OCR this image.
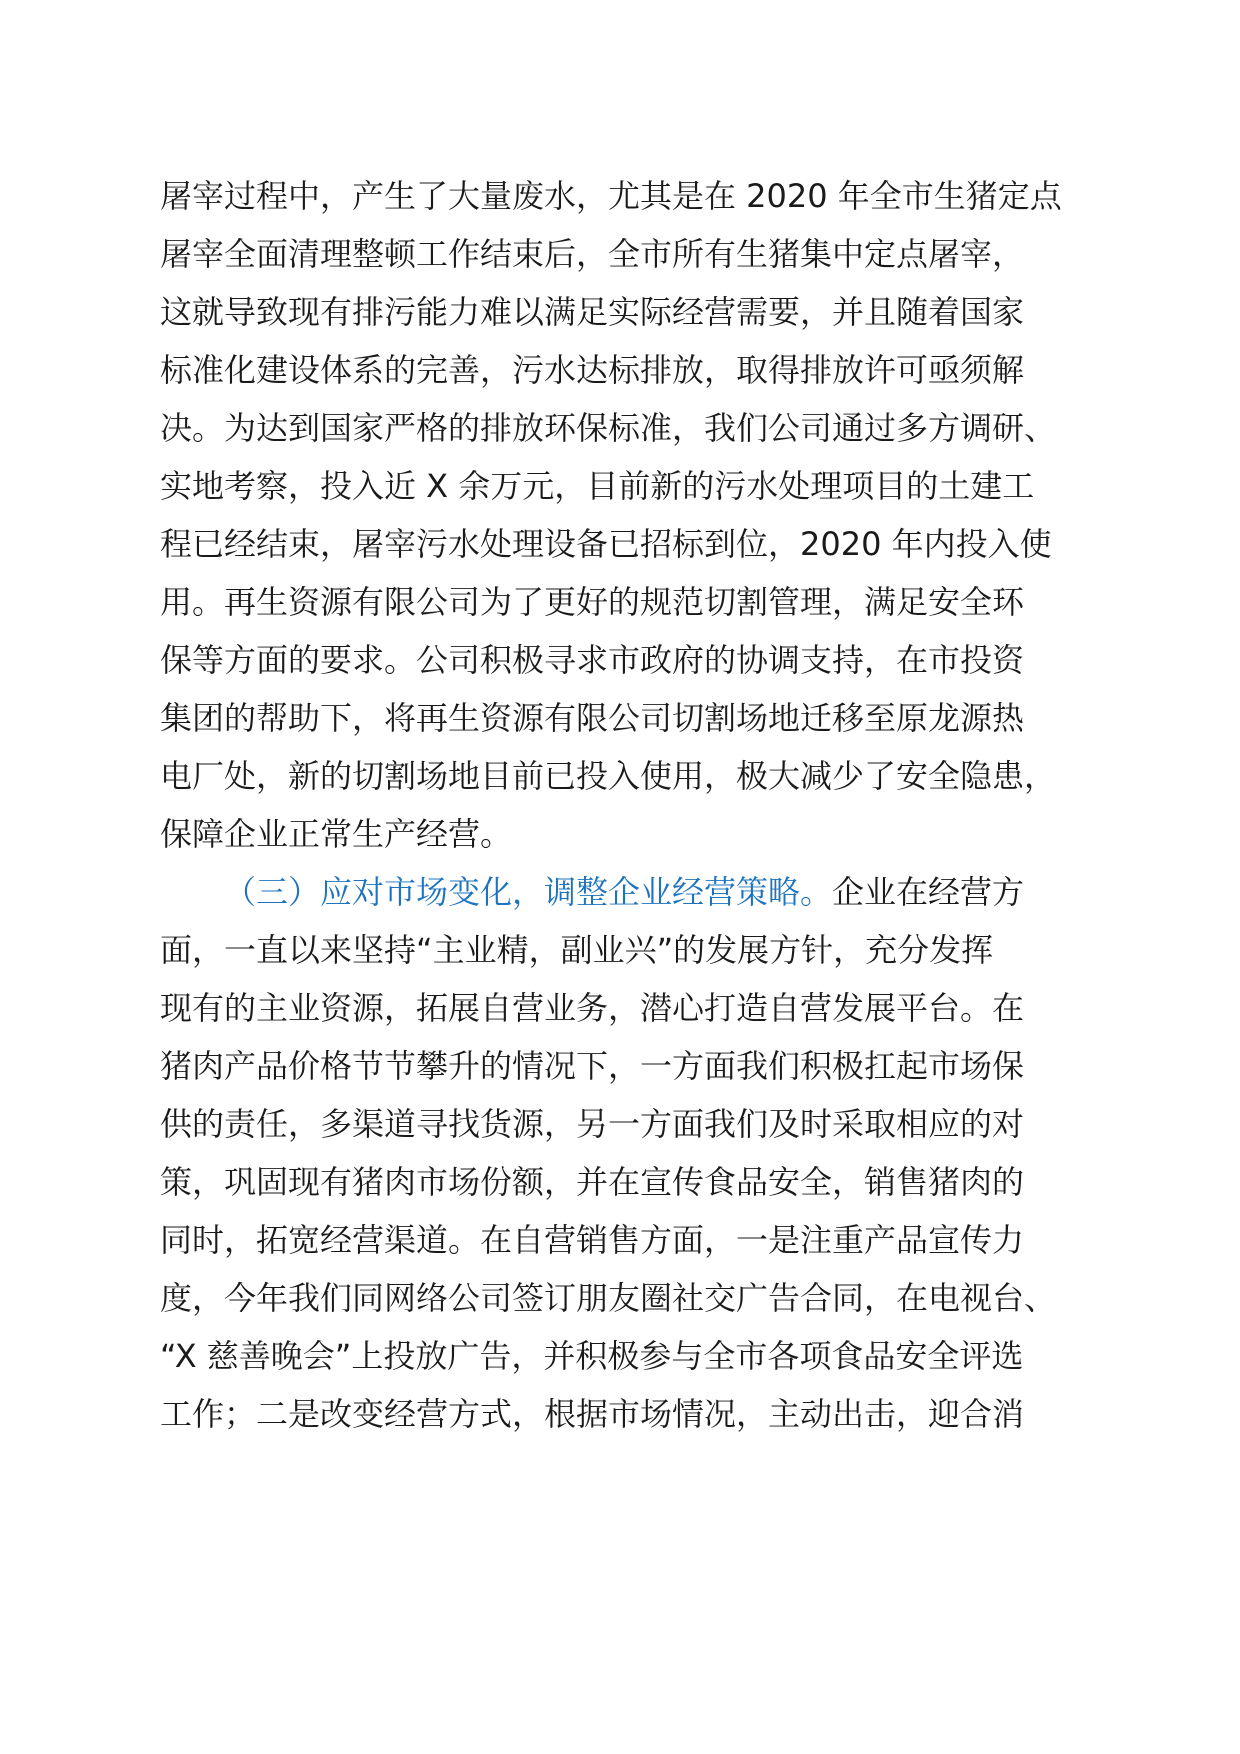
屠宰过程中，产生了大量废水，尤其是在 2020 年全市生猪定点

屠宰全面清理整顿工作结束后，全市所有生猪集中定点屠宰，

这就导致现有排污能力难以满足实际经营需要，并且随着国家

标准化建设体系的完善，污水达标排放，取得排放许可亟须解

决。为达到国家严格的排放环保标准，我们公司通过多方调研、

实地考察，投入近 X 余万元，目前新的污水处理项目的土建工

程已经结束，屠宰污水处理设备已招标到位，2020 年内投入使

用。再生资源有限公司为了更好的规范切割管理，满足安全环

保等方面的要求。公司积极寻求市政府的协调支持，在市投资

集团的帮助下，将再生资源有限公司切割场地迁移至原龙源热

电厂处，新的切割场地目前已投入使用，极大减少了安全隐患，

保障企业正常生产经营。

（三）应对市场变化，调整企业经营策略。企业在经营方

面，一直以来坚持“主业精，副业兴”的发展方针，充分发挥

现有的主业资源，拓展自营业务，潜心打造自营发展平台。在

猪肉产品价格节节攀升的情况下，一方面我们积极扛起市场保

供的责任，多渠道寻找货源，另一方面我们及时采取相应的对

策，巩固现有猪肉市场份额，并在宣传食品安全，销售猪肉的

同时，拓宽经营渠道。在自营销售方面，一是注重产品宣传力

度，今年我们同网络公司签订朋友圈社交广告合同，在电视台、

“X 慈善晚会”上投放广告，并积极参与全市各项食品安全评选

工作；二是改变经营方式，根据市场情况，主动出击，迎合消
